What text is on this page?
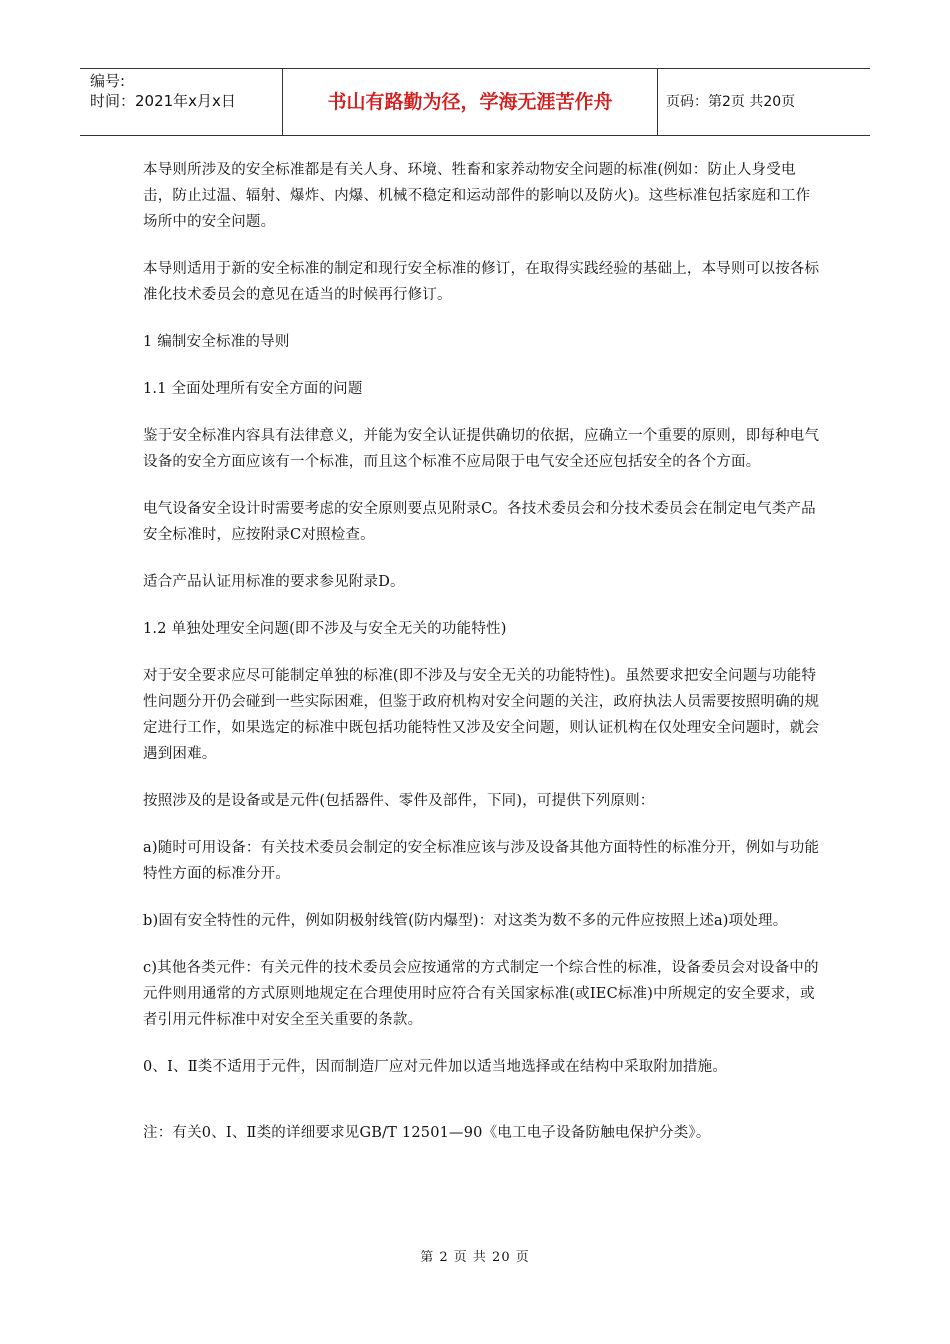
编号:
时间：2021年x月x日	书山有路勤为径，学海无涯苦作舟	页码：第2页 共20页

本导则所涉及的安全标准都是有关人身、环境、牲畜和家养动物安全问题的标准(例如：防止人身受电击，防止过温、辐射、爆炸、内爆、机械不稳定和运动部件的影响以及防火)。这些标准包括家庭和工作场所中的安全问题。

本导则适用于新的安全标准的制定和现行安全标准的修订，在取得实践经验的基础上，本导则可以按各标准化技术委员会的意见在适当的时候再行修订。

1 编制安全标准的导则

1.1 全面处理所有安全方面的问题

鉴于安全标准内容具有法律意义，并能为安全认证提供确切的依据，应确立一个重要的原则，即每种电气设备的安全方面应该有一个标准，而且这个标准不应局限于电气安全还应包括安全的各个方面。

电气设备安全设计时需要考虑的安全原则要点见附录C。各技术委员会和分技术委员会在制定电气类产品安全标准时，应按附录C对照检查。

适合产品认证用标准的要求参见附录D。

1.2 单独处理安全问题(即不涉及与安全无关的功能特性)

对于安全要求应尽可能制定单独的标准(即不涉及与安全无关的功能特性)。虽然要求把安全问题与功能特性问题分开仍会碰到一些实际困难，但鉴于政府机构对安全问题的关注，政府执法人员需要按照明确的规定进行工作，如果选定的标准中既包括功能特性又涉及安全问题，则认证机构在仅处理安全问题时，就会遇到困难。

按照涉及的是设备或是元件(包括器件、零件及部件，下同)，可提供下列原则：

a)随时可用设备：有关技术委员会制定的安全标准应该与涉及设备其他方面特性的标准分开，例如与功能特性方面的标准分开。

b)固有安全特性的元件，例如阴极射线管(防内爆型)：对这类为数不多的元件应按照上述a)项处理。

c)其他各类元件：有关元件的技术委员会应按通常的方式制定一个综合性的标准，设备委员会对设备中的元件则用通常的方式原则地规定在合理使用时应符合有关国家标准(或IEC标准)中所规定的安全要求，或者引用元件标准中对安全至关重要的条款。

0、Ⅰ、Ⅱ类不适用于元件，因而制造厂应对元件加以适当地选择或在结构中采取附加措施。

注：有关0、Ⅰ、Ⅱ类的详细要求见GB/T 12501—90《电工电子设备防触电保护分类》。

第 2 页 共 20 页
